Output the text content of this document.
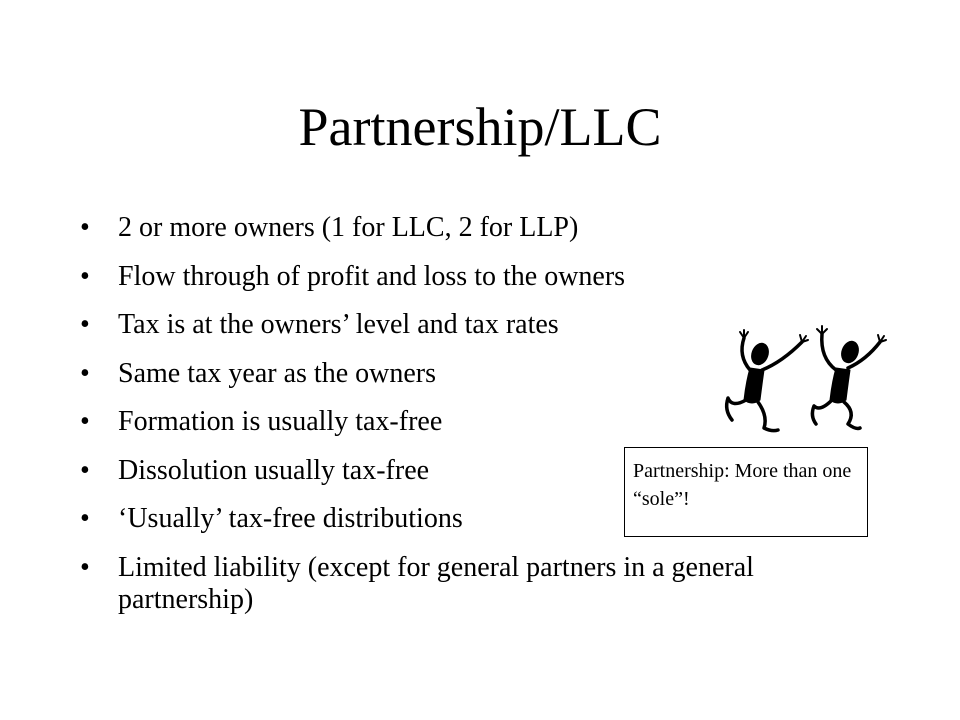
Partnership/LLC
• 2 or more owners (1 for LLC, 2 for LLP)
• Flow through of profit and loss to the owners
• Tax is at the owners’ level and tax rates
• Same tax year as the owners
• Formation is usually tax-free
• Dissolution usually tax-free
• ‘Usually’ tax-free distributions
• Limited liability (except for general partners in a general partnership)
Partnership: More than one “sole”!
